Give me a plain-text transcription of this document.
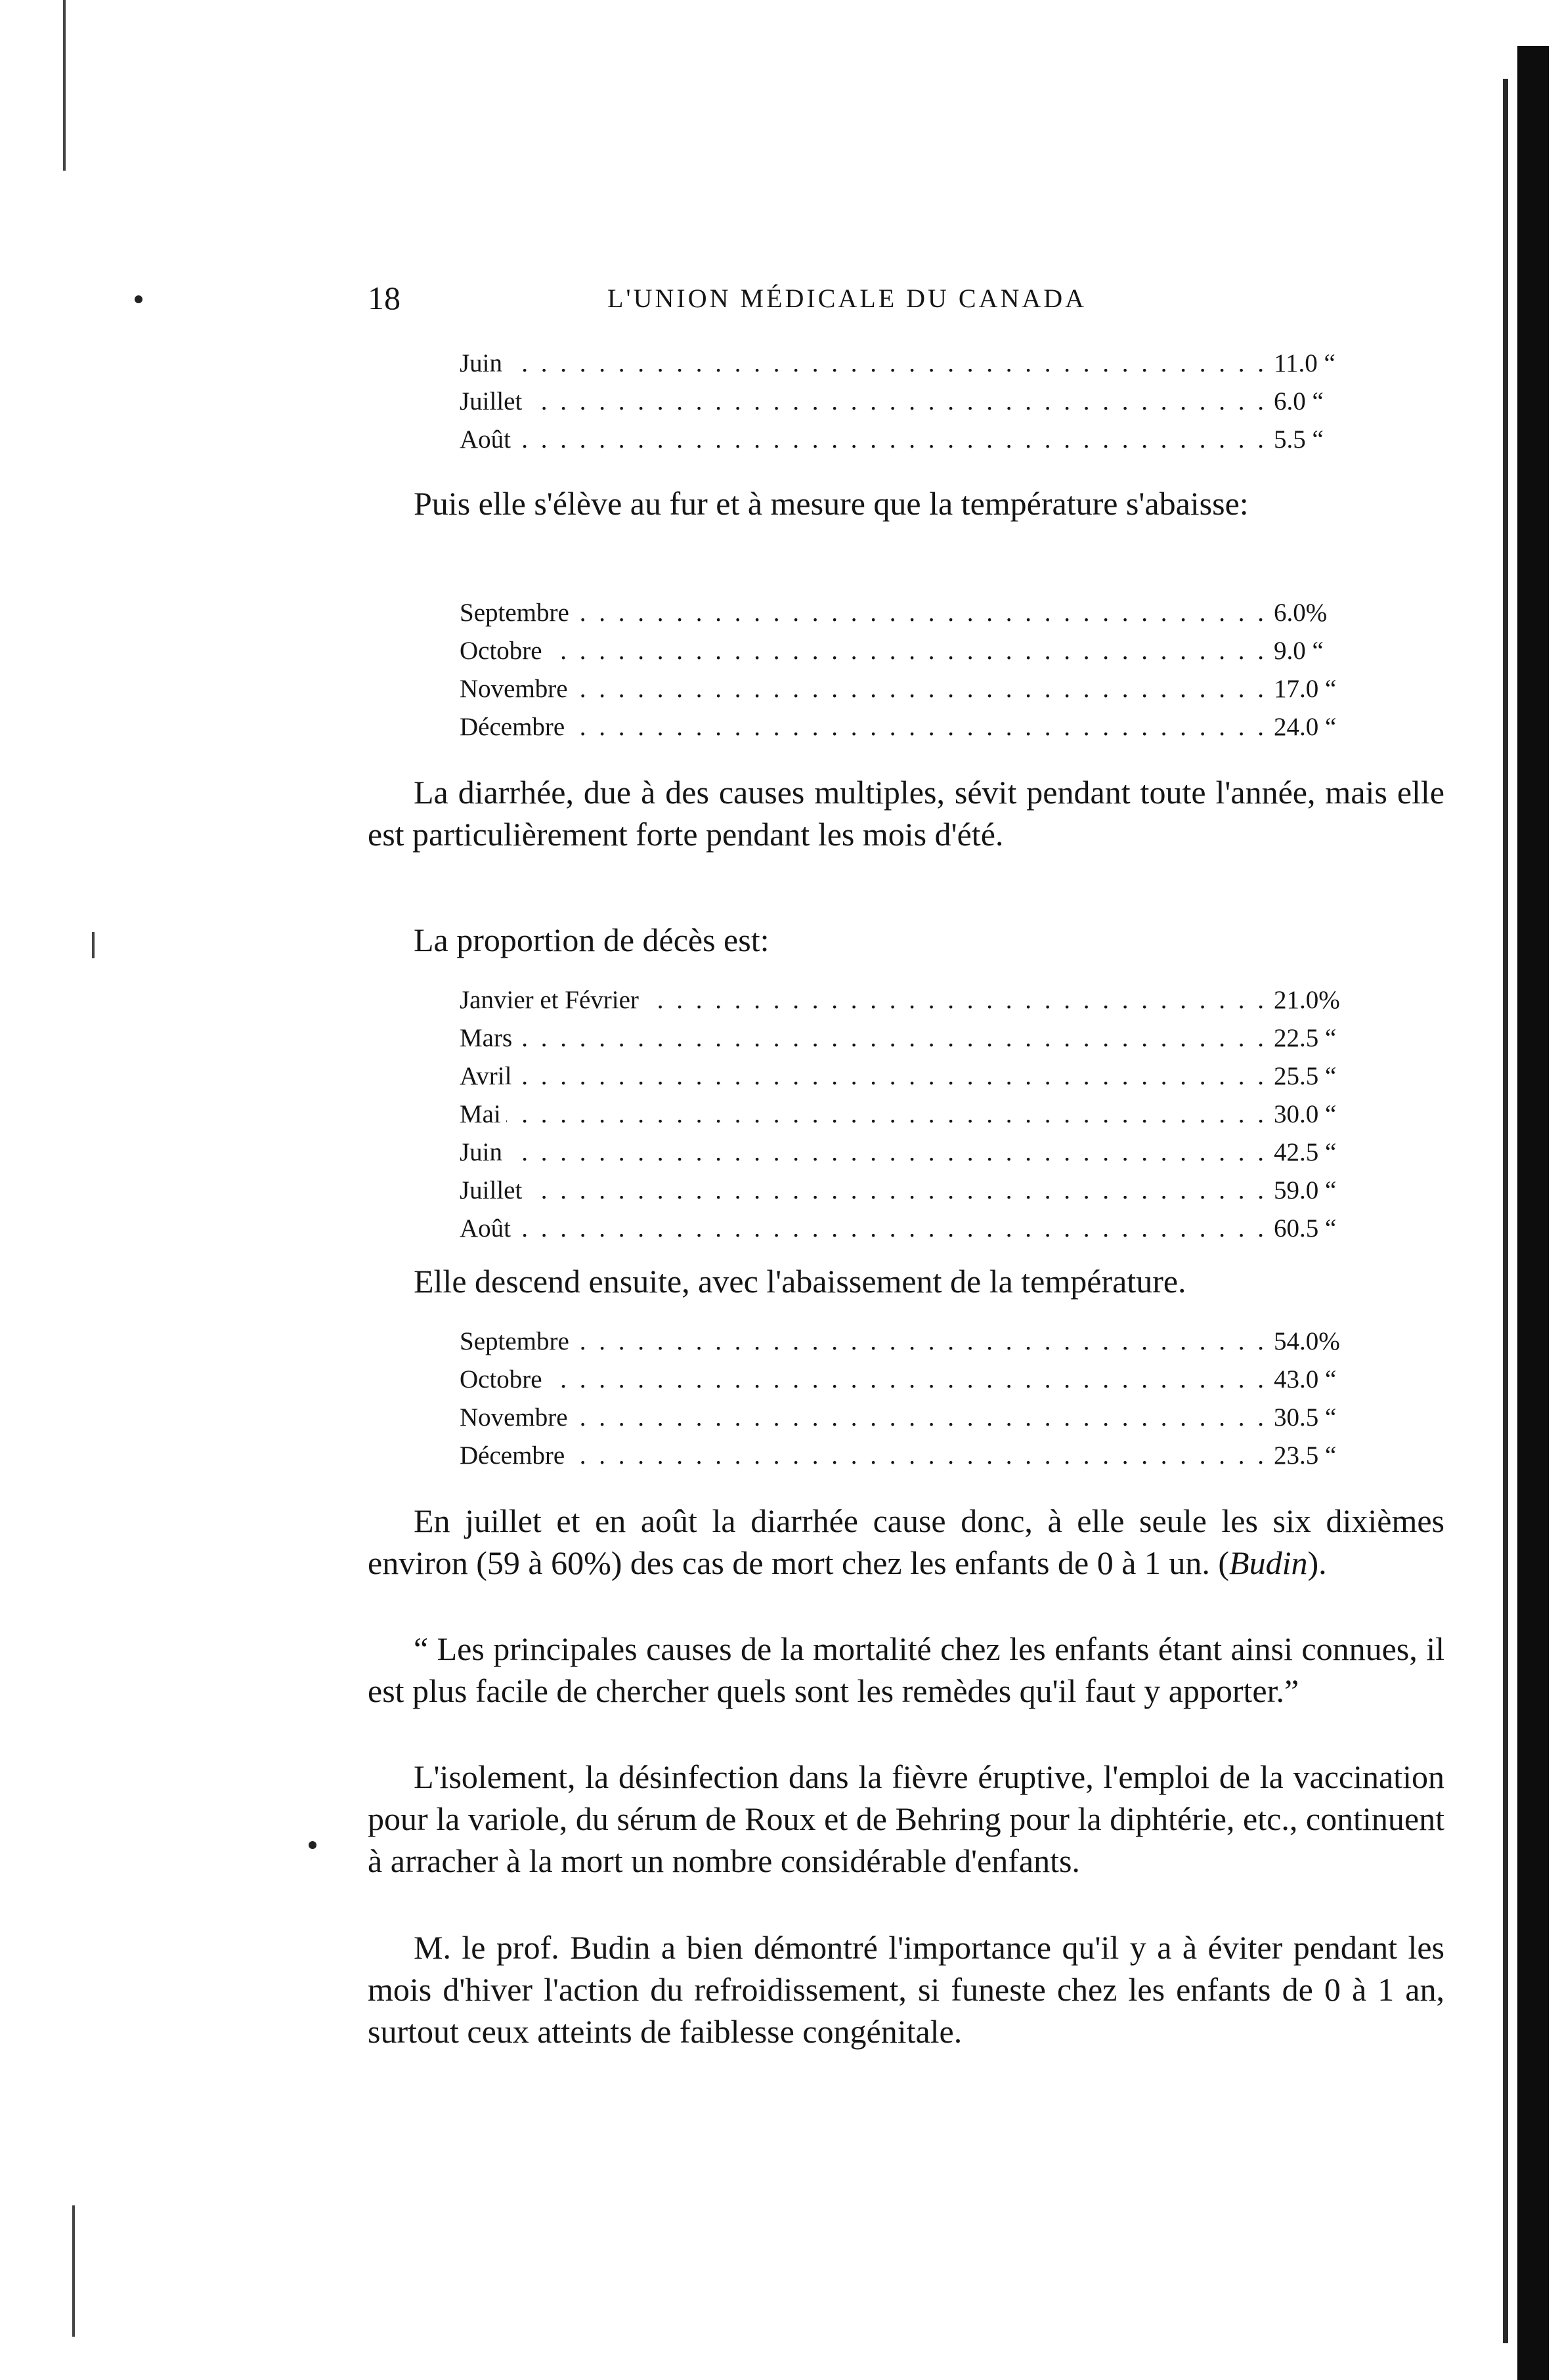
18	L'UNION MÉDICALE DU CANADA
. . .
Juin	11.0 “
. . .
Juillet	6.0 “
. . .
Août	5.5 “

Puis elle s'élève au fur et à mesure que la température s'abaisse:

. . .
Septembre	6.0%
. . .
Octobre	9.0 “
. . .
Novembre	17.0 “
. . .
Décembre	24.0 “

La diarrhée, due à des causes multiples, sévit pendant toute l'année, mais elle est particulièrement forte pendant les mois d'été.

La proportion de décès est:

. . .
Janvier et Février	21.0%
. . .
Mars	22.5 “
. . .
Avril	25.5 “
. . .
Mai	30.0 “
. . .
Juin	42.5 “
. . .
Juillet	59.0 “
. . .
Août	60.5 “

Elle descend ensuite, avec l'abaissement de la température.

. . .
Septembre	54.0%
. . .
Octobre	43.0 “
. . .
Novembre	30.5 “
. . .
Décembre	23.5 “

En juillet et en août la diarrhée cause donc, à elle seule les six dixièmes environ (59 à 60%) des cas de mort chez les enfants de 0 à 1 un. (Budin).

“ Les principales causes de la mortalité chez les enfants étant ainsi connues, il est plus facile de chercher quels sont les remèdes qu'il faut y apporter.”

L'isolement, la désinfection dans la fièvre éruptive, l'emploi de la vaccination pour la variole, du sérum de Roux et de Behring pour la diphtérie, etc., continuent à arracher à la mort un nombre considérable d'enfants.

M. le prof. Budin a bien démontré l'importance qu'il y a à éviter pendant les mois d'hiver l'action du refroidissement, si funeste chez les enfants de 0 à 1 an, surtout ceux atteints de faiblesse congénitale.
